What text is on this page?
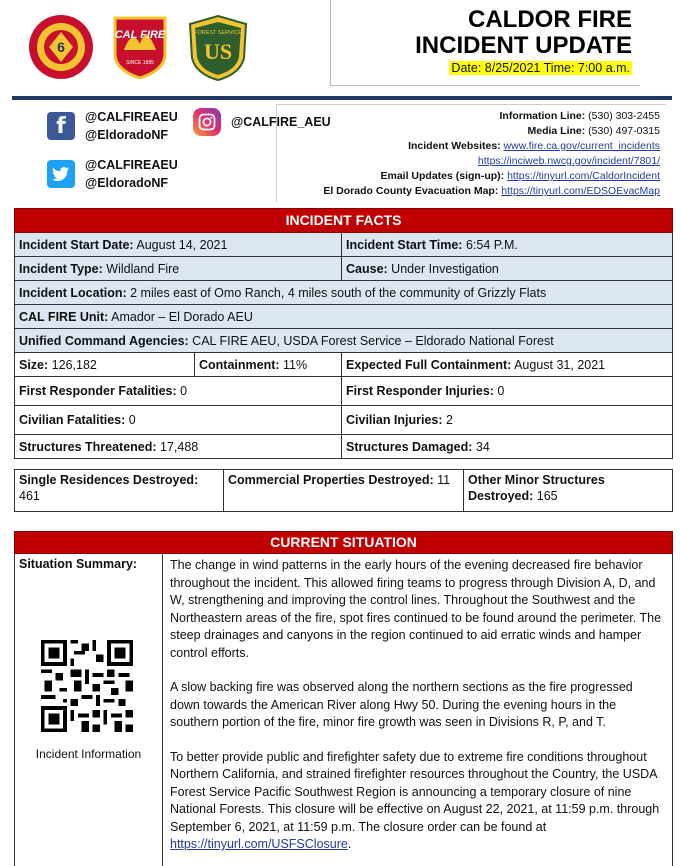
6
CAL FIRE
SINCE 1885
FOREST SERVICE
US
CALDOR FIRE
INCIDENT UPDATE
Date: 8/25/2021 Time: 7:00 a.m.
f	@CALFIREAEU
@EldoradoNF
@CALFIRE_AEU
@CALFIREAEU
@EldoradoNF
Information Line: (530) 303-2455
Media Line: (530) 497-0315
Incident Websites: www.fire.ca.gov/current_incidents
https://inciweb.nwcg.gov/incident/7801/
Email Updates (sign-up): https://tinyurl.com/CaldorIncident
El Dorado County Evacuation Map: https://tinyurl.com/EDSOEvacMap
INCIDENT FACTS		
Incident Start Date: August 14, 2021		Incident Start Time: 6:54 P.M.
Incident Type: Wildland Fire		Cause: Under Investigation
Incident Location: 2 miles east of Omo Ranch, 4 miles south of the community of Grizzly Flats		
CAL FIRE Unit: Amador – El Dorado AEU		
Unified Command Agencies: CAL FIRE AEU, USDA Forest Service – Eldorado National Forest		
Size: 126,182	Containment: 11%	Expected Full Containment: August 31, 2021
First Responder Fatalities: 0		First Responder Injuries: 0
Civilian Fatalities: 0		Civilian Injuries: 2
Structures Threatened: 17,488		Structures Damaged: 34
Single Residences Destroyed: 461	Commercial Properties Destroyed: 11	Other Minor Structures Destroyed: 165
CURRENT SITUATION

Situation Summary:
Incident Information

The change in wind patterns in the early hours of the evening decreased fire behavior throughout the incident. This allowed firing teams to progress through Division A, D, and W, strengthening and improving the control lines. Throughout the Southwest and the Northeastern areas of the fire, spot fires continued to be found around the perimeter. The steep drainages and canyons in the region continued to aid erratic winds and hamper control efforts.

A slow backing fire was observed along the northern sections as the fire progressed down towards the American River along Hwy 50. During the evening hours in the southern portion of the fire, minor fire growth was seen in Divisions R, P, and T.

To better provide public and firefighter safety due to extreme fire conditions throughout Northern California, and strained firefighter resources throughout the Country, the USDA Forest Service Pacific Southwest Region is announcing a temporary closure of nine National Forests. This closure will be effective on August 22, 2021, at 11:59 p.m. through September 6, 2021, at 11:59 p.m. The closure order can be found at https://tinyurl.com/USFSClosure.
